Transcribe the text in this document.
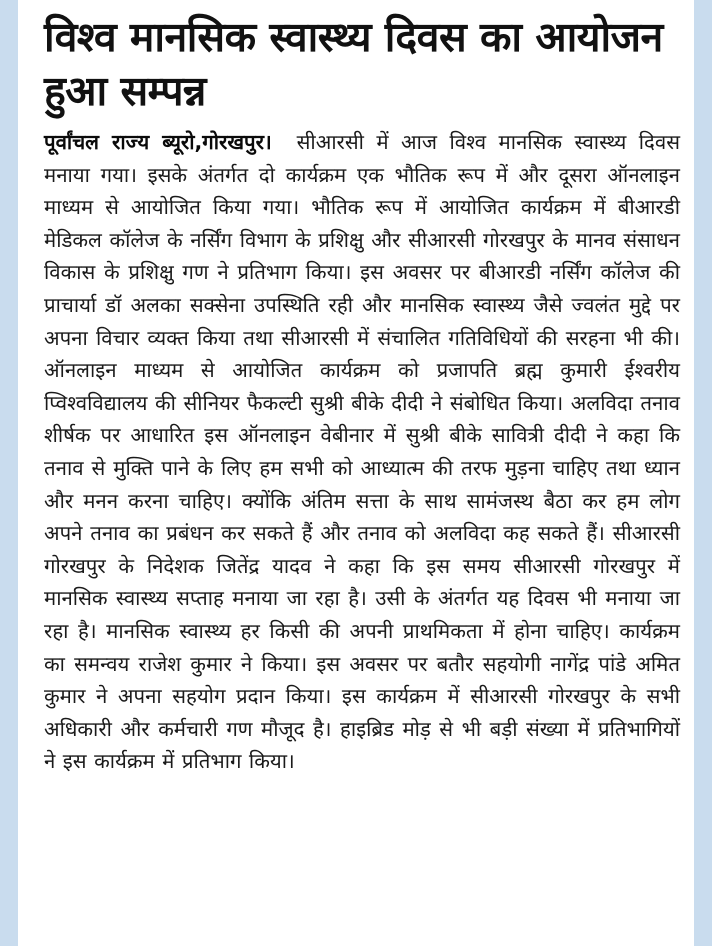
विश्व मानसिक स्वास्थ्य दिवस का आयोजन हुआ सम्पन्न

पूर्वांचल राज्य ब्यूरो,गोरखपुर। सीआरसी में आज विश्व मानसिक स्वास्थ्य दिवस मनाया गया। इसके अंतर्गत दो कार्यक्रम एक भौतिक रूप में और दूसरा ऑनलाइन माध्यम से आयोजित किया गया। भौतिक रूप में आयोजित कार्यक्रम में बीआरडी मेडिकल कॉलेज के नर्सिंग विभाग के प्रशिक्षु और सीआरसी गोरखपुर के मानव संसाधन विकास के प्रशिक्षु गण ने प्रतिभाग किया। इस अवसर पर बीआरडी नर्सिंग कॉलेज की प्राचार्या डॉ अलका सक्सेना उपस्थिति रही और मानसिक स्वास्थ्य जैसे ज्वलंत मुद्दे पर अपना विचार व्यक्त किया तथा सीआरसी में संचालित गतिविधियों की सरहना भी की। ऑनलाइन माध्यम से आयोजित कार्यक्रम को प्रजापति ब्रह्म कुमारी ईश्वरीय प्विश्वविद्यालय की सीनियर फैकल्टी सुश्री बीके दीदी ने संबोधित किया। अलविदा तनाव शीर्षक पर आधारित इस ऑनलाइन वेबीनार में सुश्री बीके सावित्री दीदी ने कहा कि तनाव से मुक्ति पाने के लिए हम सभी को आध्यात्म की तरफ मुड़ना चाहिए तथा ध्यान और मनन करना चाहिए। क्योंकि अंतिम सत्ता के साथ सामंजस्थ बैठा कर हम लोग अपने तनाव का प्रबंधन कर सकते हैं और तनाव को अलविदा कह सकते हैं। सीआरसी गोरखपुर के निदेशक जितेंद्र यादव ने कहा कि इस समय सीआरसी गोरखपुर में मानसिक स्वास्थ्य सप्ताह मनाया जा रहा है। उसी के अंतर्गत यह दिवस भी मनाया जा रहा है। मानसिक स्वास्थ्य हर किसी की अपनी प्राथमिकता में होना चाहिए। कार्यक्रम का समन्वय राजेश कुमार ने किया। इस अवसर पर बतौर सहयोगी नागेंद्र पांडे अमित कुमार ने अपना सहयोग प्रदान किया। इस कार्यक्रम में सीआरसी गोरखपुर के सभी अधिकारी और कर्मचारी गण मौजूद है। हाइब्रिड मोड़ से भी बड़ी संख्या में प्रतिभागियों ने इस कार्यक्रम में प्रतिभाग किया।
